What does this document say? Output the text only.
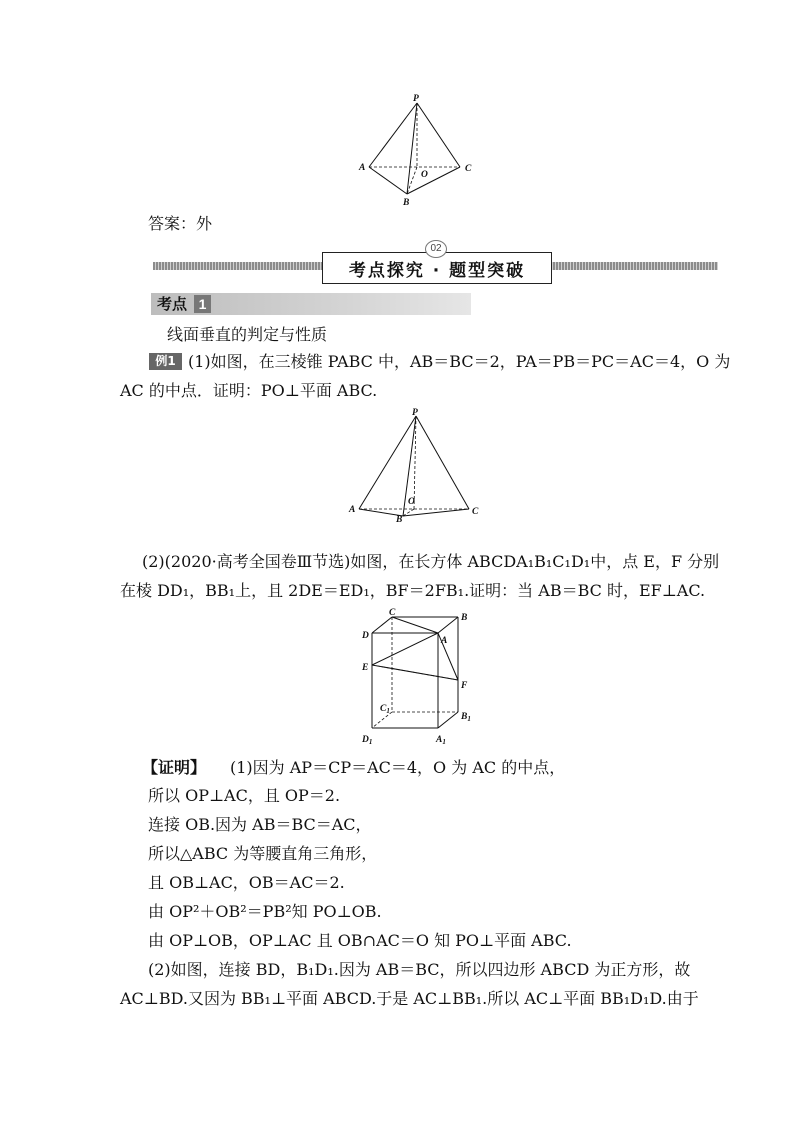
P
A
O
C
B
答案：外
考点探究 · 题型突破
02
考点 1
线面垂直的判定与性质
例1 (1)如图，在三棱锥 PABC 中，AB＝BC＝2，PA＝PB＝PC＝AC＝4，O 为
AC 的中点．证明：PO⊥平面 ABC.
P
A
O
B
C
(2)(2020·高考全国卷Ⅲ节选)如图，在长方体 ABCDA₁B₁C₁D₁中，点 E，F 分别
在棱 DD₁，BB₁上，且 2DE＝ED₁，BF＝2FB₁.证明：当 AB＝BC 时，EF⊥AC.
C	B
D	A
E
F
$C_1$
$B_1$
$D_1$	$A_1$
【证明】 (1)因为 AP＝CP＝AC＝4，O 为 AC 的中点，
所以 OP⊥AC，且 OP＝2.
连接 OB.因为 AB＝BC＝AC，
所以△ABC 为等腰直角三角形，
且 OB⊥AC，OB＝AC＝2.
由 OP²＋OB²＝PB²知 PO⊥OB.
由 OP⊥OB，OP⊥AC 且 OB∩AC＝O 知 PO⊥平面 ABC.
(2)如图，连接 BD，B₁D₁.因为 AB＝BC，所以四边形 ABCD 为正方形，故
AC⊥BD.又因为 BB₁⊥平面 ABCD.于是 AC⊥BB₁.所以 AC⊥平面 BB₁D₁D.由于
